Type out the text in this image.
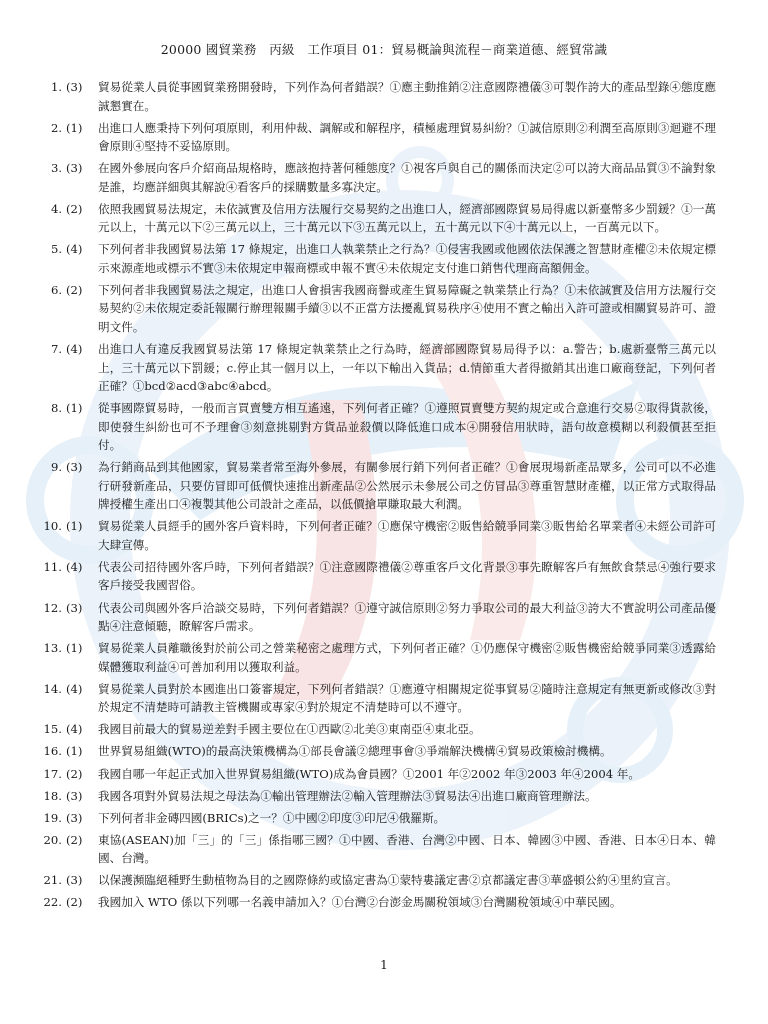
20000 國貿業務　丙級　工作項目 01：貿易概論與流程－商業道德、經貿常識
1. (3)	貿易從業人員從事國貿業務開發時，下列作為何者錯誤？①應主動推銷②注意國際禮儀③可製作誇大的產品型錄④態度應誠懇實在。
2. (1)	出進口人應秉持下列何項原則，利用仲裁、調解或和解程序，積極處理貿易糾紛？①誠信原則②利潤至高原則③迴避不理會原則④堅持不妥協原則。
3. (3)	在國外參展向客戶介紹商品規格時，應該抱持著何種態度？①視客戶與自己的關係而決定②可以誇大商品品質③不論對象是誰，均應詳細與其解說④看客戶的採購數量多寡決定。
4. (2)	依照我國貿易法規定，未依誠實及信用方法履行交易契約之出進口人，經濟部國際貿易局得處以新臺幣多少罰鍰？①一萬元以上，十萬元以下②三萬元以上，三十萬元以下③五萬元以上，五十萬元以下④十萬元以上，一百萬元以下。
5. (4)	下列何者非我國貿易法第 17 條規定，出進口人執業禁止之行為？①侵害我國或他國依法保護之智慧財產權②未依規定標示來源產地或標示不實③未依規定申報商標或申報不實④未依規定支付進口銷售代理商高額佣金。
6. (2)	下列何者非我國貿易法之規定，出進口人會損害我國商譽或產生貿易障礙之執業禁止行為？①未依誠實及信用方法履行交易契約②未依規定委託報關行辦理報關手續③以不正當方法擾亂貿易秩序④使用不實之輸出入許可證或相關貿易許可、證明文件。
7. (4)	出進口人有違反我國貿易法第 17 條規定執業禁止之行為時，經濟部國際貿易局得予以：a.警告；b.處新臺幣三萬元以上，三十萬元以下罰鍰；c.停止其一個月以上，一年以下輸出入貨品；d.情節重大者得撤銷其出進口廠商登記，下列何者正確？①bcd②acd③abc④abcd。
8. (1)	從事國際貿易時，一般而言買賣雙方相互遙遠，下列何者正確？①遵照買賣雙方契約規定或合意進行交易②取得貨款後，即使發生糾紛也可不予理會③刻意挑剔對方貨品並殺價以降低進口成本④開發信用狀時，語句故意模糊以利殺價甚至拒付。
9. (3)	為行銷商品到其他國家，貿易業者常至海外參展，有關參展行銷下列何者正確？①會展現場新產品眾多，公司可以不必進行研發新產品，只要仿冒即可低價快速推出新產品②公然展示未參展公司之仿冒品③尊重智慧財產權，以正常方式取得品牌授權生產出口④複製其他公司設計之產品，以低價搶單賺取最大利潤。
10. (1)	貿易從業人員經手的國外客戶資料時，下列何者正確？①應保守機密②販售給競爭同業③販售給名單業者④未經公司許可大肆宣傳。
11. (4)	代表公司招待國外客戶時，下列何者錯誤？①注意國際禮儀②尊重客戶文化背景③事先瞭解客戶有無飲食禁忌④強行要求客戶接受我國習俗。
12. (3)	代表公司與國外客戶洽談交易時，下列何者錯誤？①遵守誠信原則②努力爭取公司的最大利益③誇大不實說明公司產品優點④注意傾聽，瞭解客戶需求。
13. (1)	貿易從業人員離職後對於前公司之營業秘密之處理方式，下列何者正確？①仍應保守機密②販售機密給競爭同業③透露給媒體獲取利益④可善加利用以獲取利益。
14. (4)	貿易從業人員對於本國進出口簽審規定，下列何者錯誤？①應遵守相關規定從事貿易②隨時注意規定有無更新或修改③對於規定不清楚時可請教主管機關或專家④對於規定不清楚時可以不遵守。
15. (4)	我國目前最大的貿易逆差對手國主要位在①西歐②北美③東南亞④東北亞。
16. (1)	世界貿易組織(WTO)的最高決策機構為①部長會議②總理事會③爭端解決機構④貿易政策檢討機構。
17. (2)	我國自哪一年起正式加入世界貿易組織(WTO)成為會員國？①2001 年②2002 年③2003 年④2004 年。
18. (3)	我國各項對外貿易法規之母法為①輸出管理辦法②輸入管理辦法③貿易法④出進口廠商管理辦法。
19. (3)	下列何者非金磚四國(BRICs)之一？①中國②印度③印尼④俄羅斯。
20. (2)	東協(ASEAN)加「三」的「三」係指哪三國？①中國、香港、台灣②中國、日本、韓國③中國、香港、日本④日本、韓國、台灣。
21. (3)	以保護瀕臨絕種野生動植物為目的之國際條約或協定書為①蒙特婁議定書②京都議定書③華盛頓公約④里約宣言。
22. (2)	我國加入 WTO 係以下列哪一名義申請加入？①台灣②台澎金馬關稅領域③台灣關稅領域④中華民國。
1
